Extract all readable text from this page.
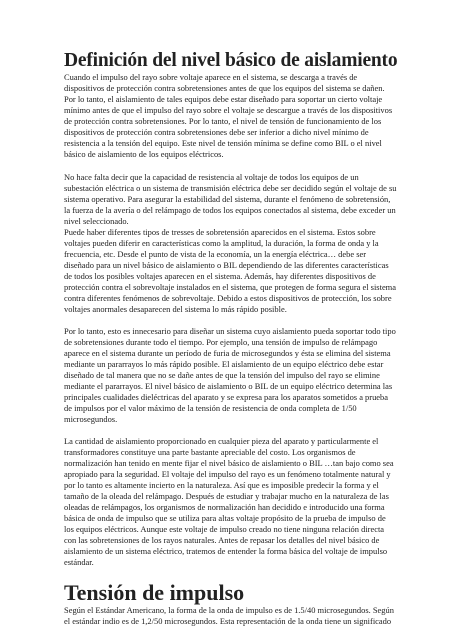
Definición del nivel básico de aislamiento

Cuando el impulso del rayo sobre voltaje aparece en el sistema, se descarga a través de dispositivos de protección contra sobretensiones antes de que los equipos del sistema se dañen. Por lo tanto, el aislamiento de tales equipos debe estar diseñado para soportar un cierto voltaje mínimo antes de que el impulso del rayo sobre el voltaje se descargue a través de los dispositivos de protección contra sobretensiones. Por lo tanto, el nivel de tensión de funcionamiento de los dispositivos de protección contra sobretensiones debe ser inferior a dicho nivel mínimo de resistencia a la tensión del equipo. Este nivel de tensión mínima se define como BIL o el nivel básico de aislamiento de los equipos eléctricos.

No hace falta decir que la capacidad de resistencia al voltaje de todos los equipos de un subestación eléctrica o un sistema de transmisión eléctrica debe ser decidido según el voltaje de su sistema operativo. Para asegurar la estabilidad del sistema, durante el fenómeno de sobretensión, la fuerza de la avería o del relámpago de todos los equipos conectados al sistema, debe exceder un nivel seleccionado.
Puede haber diferentes tipos de tresses de sobretensión aparecidos en el sistema. Estos sobre voltajes pueden diferir en características como la amplitud, la duración, la forma de onda y la frecuencia, etc. Desde el punto de vista de la economía, un la energía eléctrica… debe ser diseñado para un nivel básico de aislamiento o BIL dependiendo de las diferentes características de todos los posibles voltajes aparecen en el sistema. Además, hay diferentes dispositivos de protección contra el sobrevoltaje instalados en el sistema, que protegen de forma segura el sistema contra diferentes fenómenos de sobrevoltaje. Debido a estos dispositivos de protección, los sobre voltajes anormales desaparecen del sistema lo más rápido posible.

Por lo tanto, esto es innecesario para diseñar un sistema cuyo aislamiento pueda soportar todo tipo de sobretensiones durante todo el tiempo. Por ejemplo, una tensión de impulso de relámpago aparece en el sistema durante un período de furia de microsegundos y ésta se elimina del sistema mediante un pararrayos lo más rápido posible. El aislamiento de un equipo eléctrico debe estar diseñado de tal manera que no se dañe antes de que la tensión del impulso del rayo se elimine mediante el pararrayos. El nivel básico de aislamiento o BIL de un equipo eléctrico determina las principales cualidades dieléctricas del aparato y se expresa para los aparatos sometidos a prueba de impulsos por el valor máximo de la tensión de resistencia de onda completa de 1/50 microsegundos.

La cantidad de aislamiento proporcionado en cualquier pieza del aparato y particularmente el transformadores constituye una parte bastante apreciable del costo. Los organismos de normalización han tenido en mente fijar el nivel básico de aislamiento o BIL …tan bajo como sea apropiado para la seguridad. El voltaje del impulso del rayo es un fenómeno totalmente natural y por lo tanto es altamente incierto en la naturaleza. Así que es imposible predecir la forma y el tamaño de la oleada del relámpago. Después de estudiar y trabajar mucho en la naturaleza de las oleadas de relámpagos, los organismos de normalización han decidido e introducido una forma básica de onda de impulso que se utiliza para altas voltaje propósito de la prueba de impulso de los equipos eléctricos. Aunque este voltaje de impulso creado no tiene ninguna relación directa con las sobretensiones de los rayos naturales. Antes de repasar los detalles del nivel básico de aislamiento de un sistema eléctrico, tratemos de entender la forma básica del voltaje de impulso estándar.

Tensión de impulso

Según el Estándar Americano, la forma de la onda de impulso es de 1.5/40 microsegundos. Según el estándar indio es de 1,2/50 microsegundos. Esta representación de la onda tiene un significado
